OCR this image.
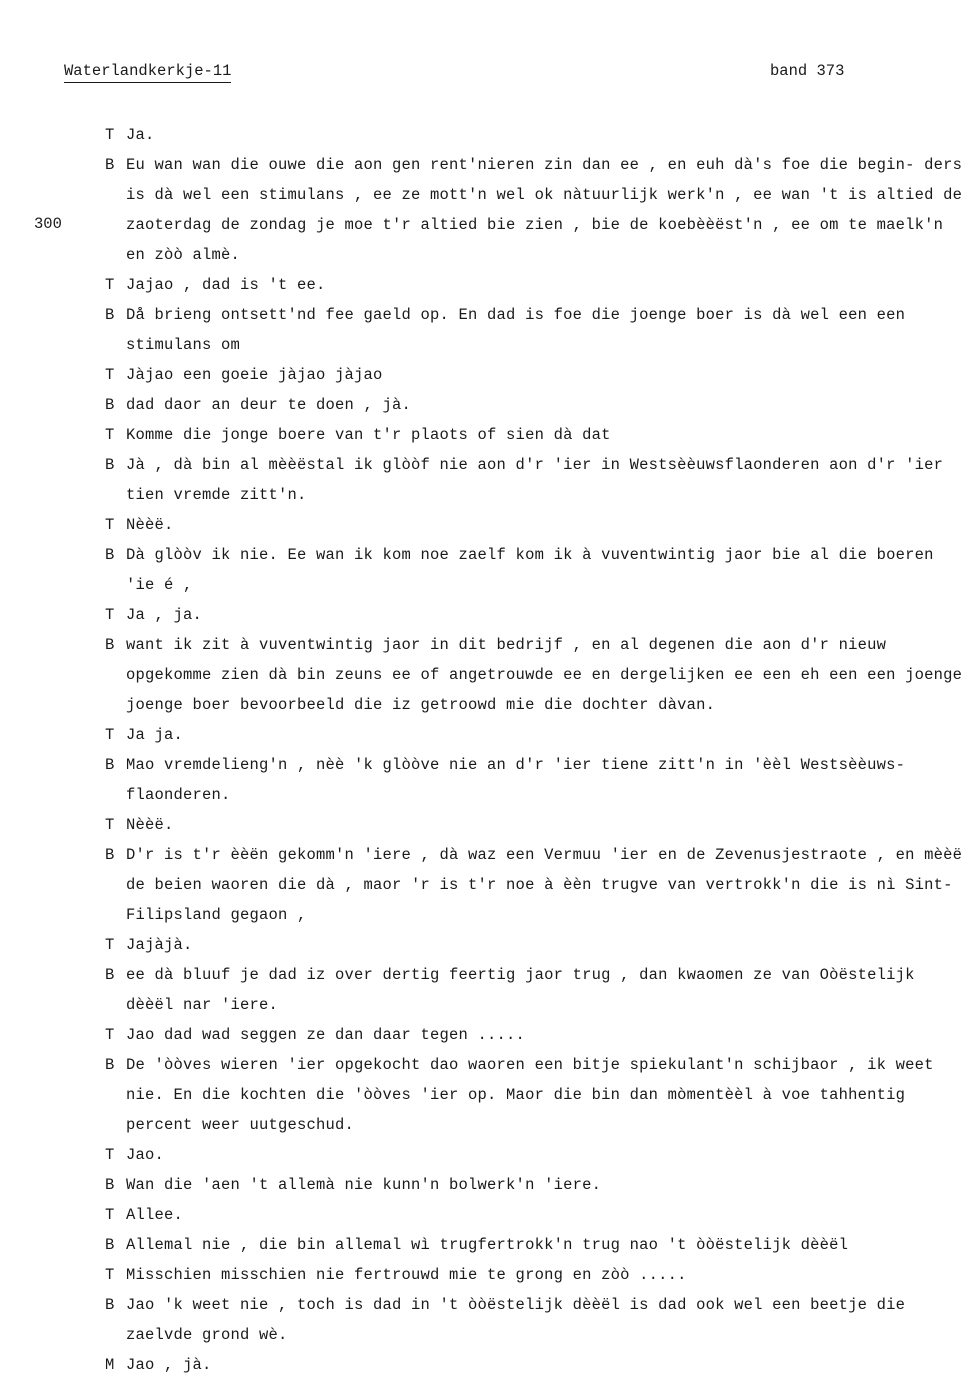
Waterlandkerkje-11	band 373
300

T Ja.

B Eu wan wan die ouwe die aon gen rent'nieren zin dan ee , en euh dà's foe die begin- ders is dà wel een stimulans , ee ze mott'n wel ok nàtuurlijk werk'n , ee wan 't is altied de zaoterdag de zondag je moe t'r altied bie zien , bie de koebèèëst'n , ee om te maelk'n en zòò almè.

T Jajao , dad is 't ee.

B Då brieng ontsett'nd fee gaeld op. En dad is foe die joenge boer is dà wel een een stimulans om

T Jàjao een goeie jàjao jàjao

B dad daor an deur te doen , jà.

T Komme die jonge boere van t'r plaots of sien dà dat

B Jà , dà bin al mèèëstal ik glòòf nie aon d'r 'ier in Westsèèuwsflaonderen aon d'r 'ier tien vremde zitt'n.

T Nèèë.

B Dà glòòv ik nie. Ee wan ik kom noe zaelf kom ik à vuventwintig jaor bie al die boeren 'ie é ,

T Ja , ja.

B want ik zit à vuventwintig jaor in dit bedrijf , en al degenen die aon d'r nieuw opgekomme zien dà bin zeuns ee of angetrouwde ee en dergelijken ee een eh een een joenge joenge boer bevoorbeeld die iz getroowd mie die dochter dàvan.

T Ja ja.

B Mao vremdelieng'n , nèè 'k glòòve nie an d'r 'ier tiene zitt'n in 'èèl Westsèèuws- flaonderen.

T Nèèë.

B D'r is t'r èèën gekomm'n 'iere , dà waz een Vermuu 'ier en de Zevenusjestraote , en mèèë de beien waoren die dà , maor 'r is t'r noe à èèn trugve van vertrokk'n die is nì Sint-Filipsland gegaon ,

T Jajàjà.

B ee dà bluuf je dad iz over dertig feertig jaor trug , dan kwaomen ze van Oòëstelijk dèèël nar 'iere.

T Jao dad wad seggen ze dan daar tegen .....

B De 'òòves wieren 'ier opgekocht dao waoren een bitje spiekulant'n schijbaor , ik weet nie. En die kochten die 'òòves 'ier op. Maor die bin dan mòmentèèl à voe tahhentig percent weer uutgeschud.

T Jao.

B Wan die 'aen 't allemà nie kunn'n bolwerk'n 'iere.

T Allee.

B Allemal nie , die bin allemal wì trugfertrokk'n trug nao 't òòëstelijk dèèël

T Misschien misschien nie fertrouwd mie te grong en zòò .....

B Jao 'k weet nie , toch is dad in 't òòëstelijk dèèël is dad ook wel een beetje die zaelvde grond wè.

M Jao , jà.
